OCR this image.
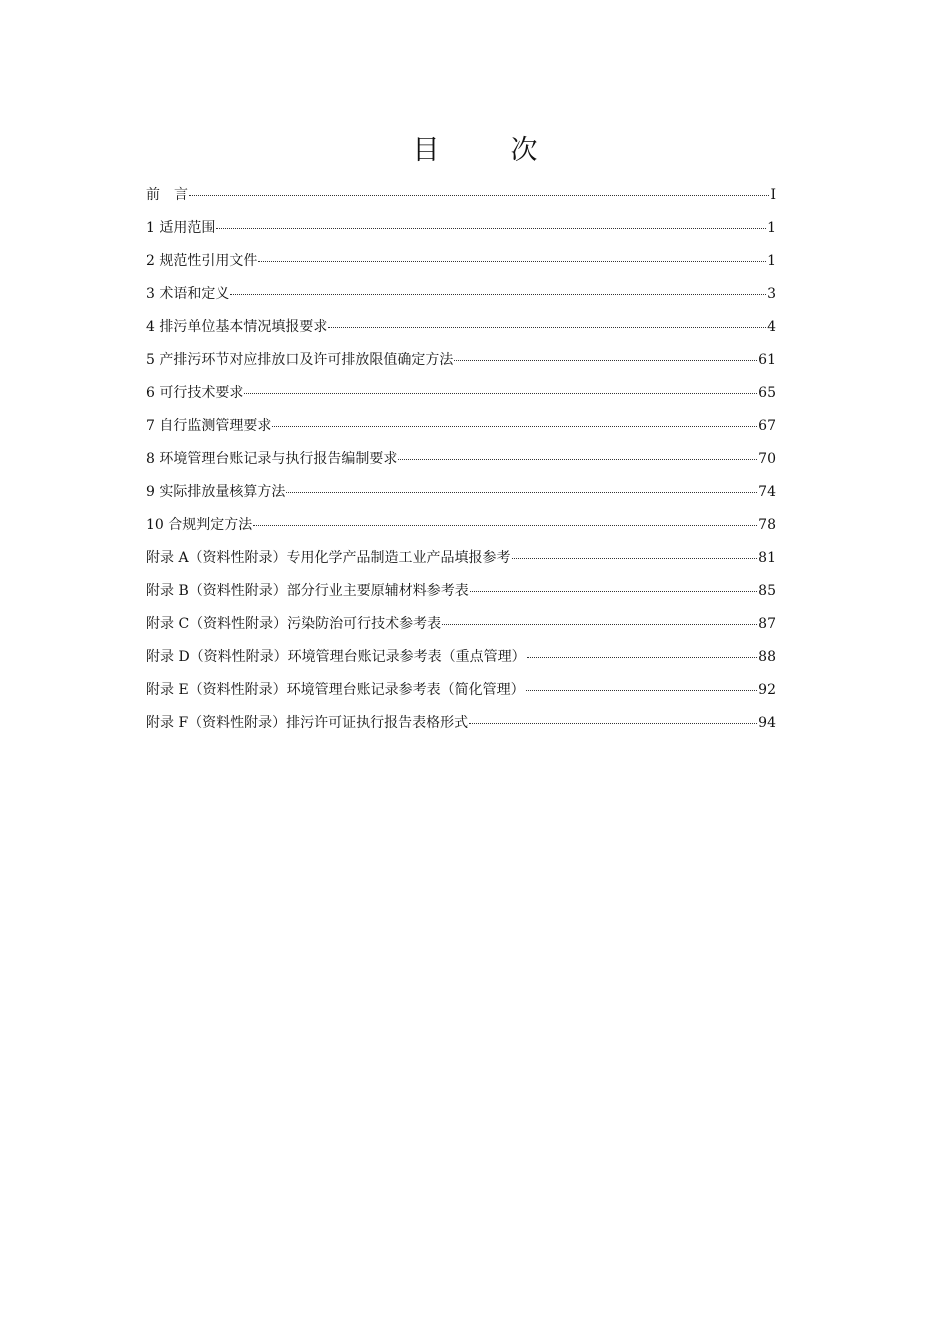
目　次
前　言	I
1 适用范围	1
2 规范性引用文件	1
3 术语和定义	3
4 排污单位基本情况填报要求	4
5 产排污环节对应排放口及许可排放限值确定方法	61
6 可行技术要求	65
7 自行监测管理要求	67
8 环境管理台账记录与执行报告编制要求	70
9 实际排放量核算方法	74
10 合规判定方法	78
附录 A（资料性附录）专用化学产品制造工业产品填报参考	81
附录 B（资料性附录）部分行业主要原辅材料参考表	85
附录 C（资料性附录）污染防治可行技术参考表	87
附录 D（资料性附录）环境管理台账记录参考表（重点管理）	88
附录 E（资料性附录）环境管理台账记录参考表（简化管理）	92
附录 F（资料性附录）排污许可证执行报告表格形式	94
